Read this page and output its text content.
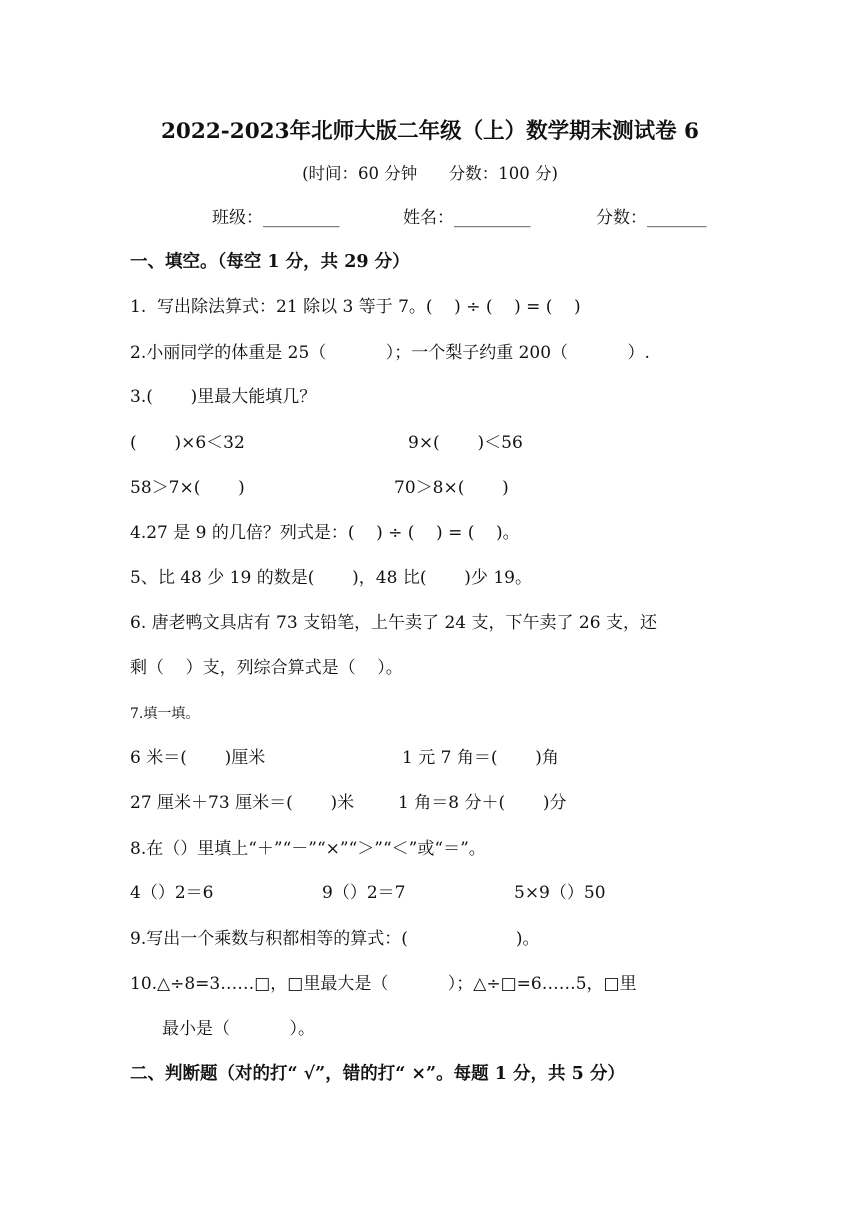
2022-2023年北师大版二年级（上）数学期末测试卷 6
(时间：60 分钟      分数：100 分)
班级：_________	姓名：_________	分数：_______
一、填空。（每空 1 分，共 29 分）
1.  写出除法算式：21 除以 3 等于 7。(    ) ÷ (    ) = (    )
2.小丽同学的体重是 25（           ）；一个梨子约重 200（           ）.
3.(       )里最大能填几？
(       )×6＜32	9×(       )＜56
58＞7×(       )	70＞8×(       )
4.27 是 9 的几倍？列式是：(    ) ÷ (    ) = (    )。
5、比 48 少 19 的数是(       )，48 比(       )少 19。
6. 唐老鸭文具店有 73 支铅笔，上午卖了 24 支，下午卖了 26 支，还
剩（    ）支，列综合算式是（    ）。
7.填一填。
6 米＝(       )厘米	1 元 7 角＝(       )角
27 厘米＋73 厘米＝(       )米	1 角＝8 分＋(       )分
8.在（）里填上“＋”“－”“×”“＞”“＜”或“＝”。
4（）2＝6	9（）2＝7	5×9（）50
9.写出一个乘数与积都相等的算式：(                    )。
10.△÷8=3……□，□里最大是（           ）；△÷□=6……5，□里
最小是（           ）。
二、判断题（对的打“ √”，错的打“ ×”。每题 1 分，共 5 分）
